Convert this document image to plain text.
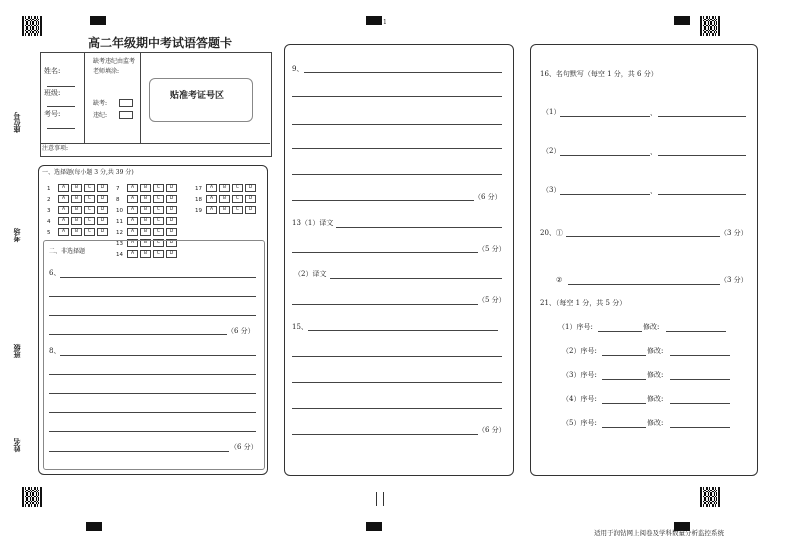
1
高二年级期中考试语答题卡
座位号
考场
班级
姓名
姓名:
班级:
考号:
缺考违纪由监考老师填涂:
缺考:
违纪:
贴准考证号区
注意事项:
一、选择题(每小题 3 分,共 39 分)
1	A B C D
2	A B C D
3	A B C D
4	A B C D
5	A B C D
7	A B C D
8	A B C D
10 A B C D
11 A B C D
12 A B C D
13 A B C D
14 A B C D
17 A B C D
18 A B C D
19 A B C D
二、非选择题
6、
（6 分）
8、
（6 分）
9、
（6 分）
13（1）译文
（5 分）
（2）译文
（5 分）
15、
（6 分）
16、名句默写（每空 1 分，共 6 分）
（1）	、
（2）	、
（3）	、
20、①	（3 分）
②	（3 分）
21、（每空 1 分，共 5 分）
（1）序号:	修改:
（2）序号:	修改:
（3）序号:	修改:
（4）序号:	修改:
（5）序号:	修改:
适用于润钻网上阅卷及学科数量分析监控系统
